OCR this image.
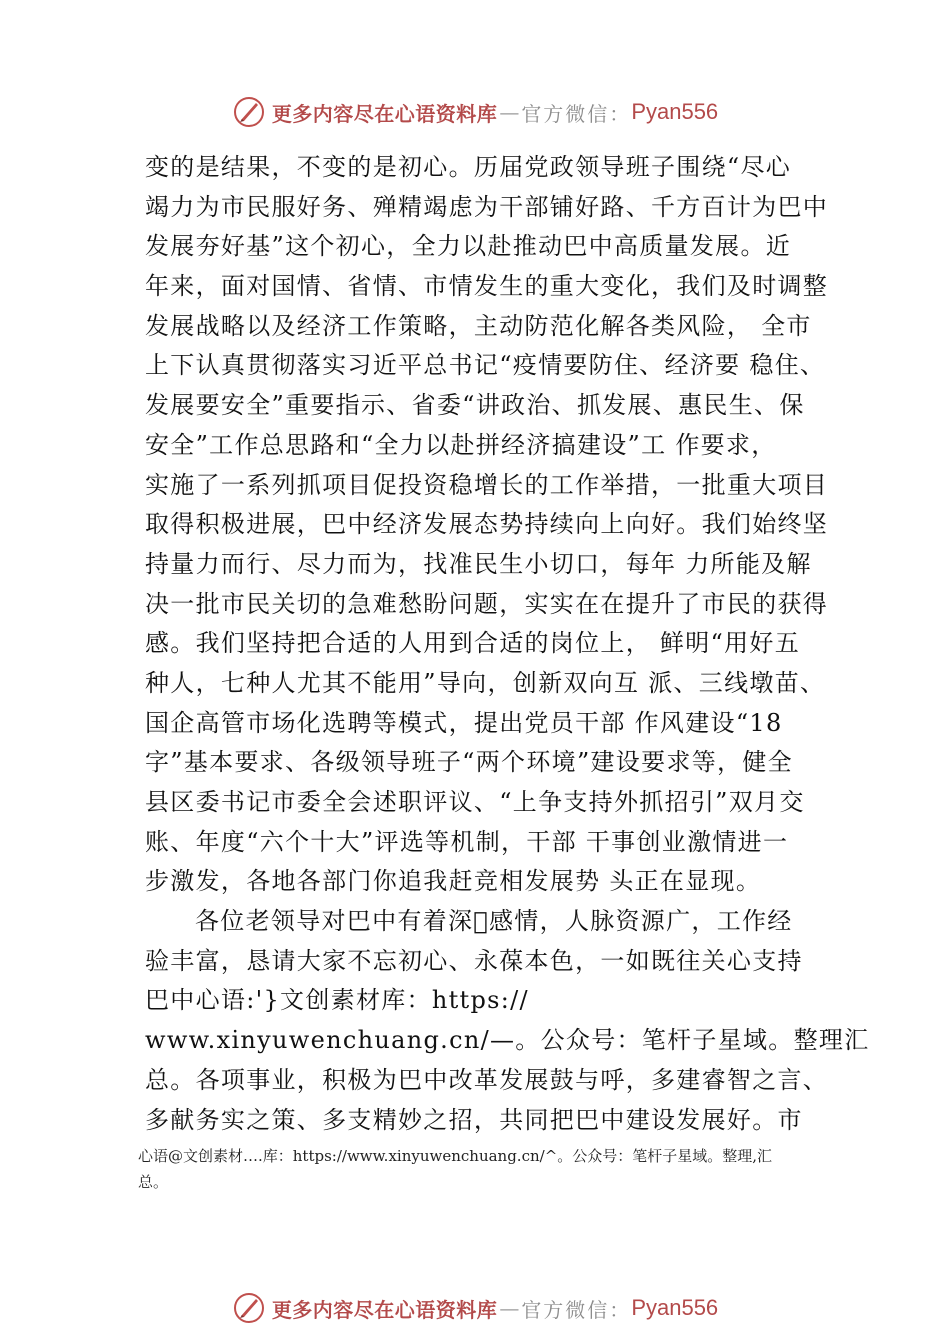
更多内容尽在心语资料库 — 官方微信： Pyan556
变的是结果，不变的是初心。历届党政领导班子围绕“尽心
竭力为市民服好务、殚精竭虑为干部铺好路、千方百计为巴中
发展夯好基”这个初心，全力以赴推动巴中高质量发展。近
年来，面对国情、省情、市情发生的重大变化，我们及时调整
发展战略以及经济工作策略，主动防范化解各类风险， 全市
上下认真贯彻落实习近平总书记“疫情要防住、经济要 稳住、
发展要安全”重要指示、省委“讲政治、抓发展、惠民生、保
安全”工作总思路和“全力以赴拼经济搞建设”工 作要求，
实施了一系列抓项目促投资稳增长的工作举措，一批重大项目
取得积极进展，巴中经济发展态势持续向上向好。我们始终坚
持量力而行、尽力而为，找准民生小切口，每年 力所能及解
决一批市民关切的急难愁盼问题，实实在在提升了市民的获得
感。我们坚持把合适的人用到合适的岗位上， 鲜明“用好五
种人，七种人尤其不能用”导向，创新双向互 派、三线墩苗、
国企高管市场化选聘等模式，提出党员干部 作风建设“18
字”基本要求、各级领导班子“两个环境”建设要求等，健全
县区委书记市委全会述职评议、“上争支持外抓招引”双月交
账、年度“六个十大”评选等机制，干部 干事创业激情进一
步激发，各地各部门你追我赶竞相发展势 头正在显现。
各位老领导对巴中有着深 感情，人脉资源广，工作经
验丰富，恳请大家不忘初心、永葆本色，一如既往关心支持
巴中心语:'}文创素材库：https://
www.xinyuwenchuang.cn/—。公众号：笔杆子星域。整理汇
总。各项事业，积极为巴中改革发展鼓与呼，多建睿智之言、
多献务实之策、多支精妙之招，共同把巴中建设发展好。市
心语@文创素材….库：https://www.xinyuwenchuang.cn/^。公众号：笔杆子星域。整理,汇
总。
更多内容尽在心语资料库 — 官方微信： Pyan556
